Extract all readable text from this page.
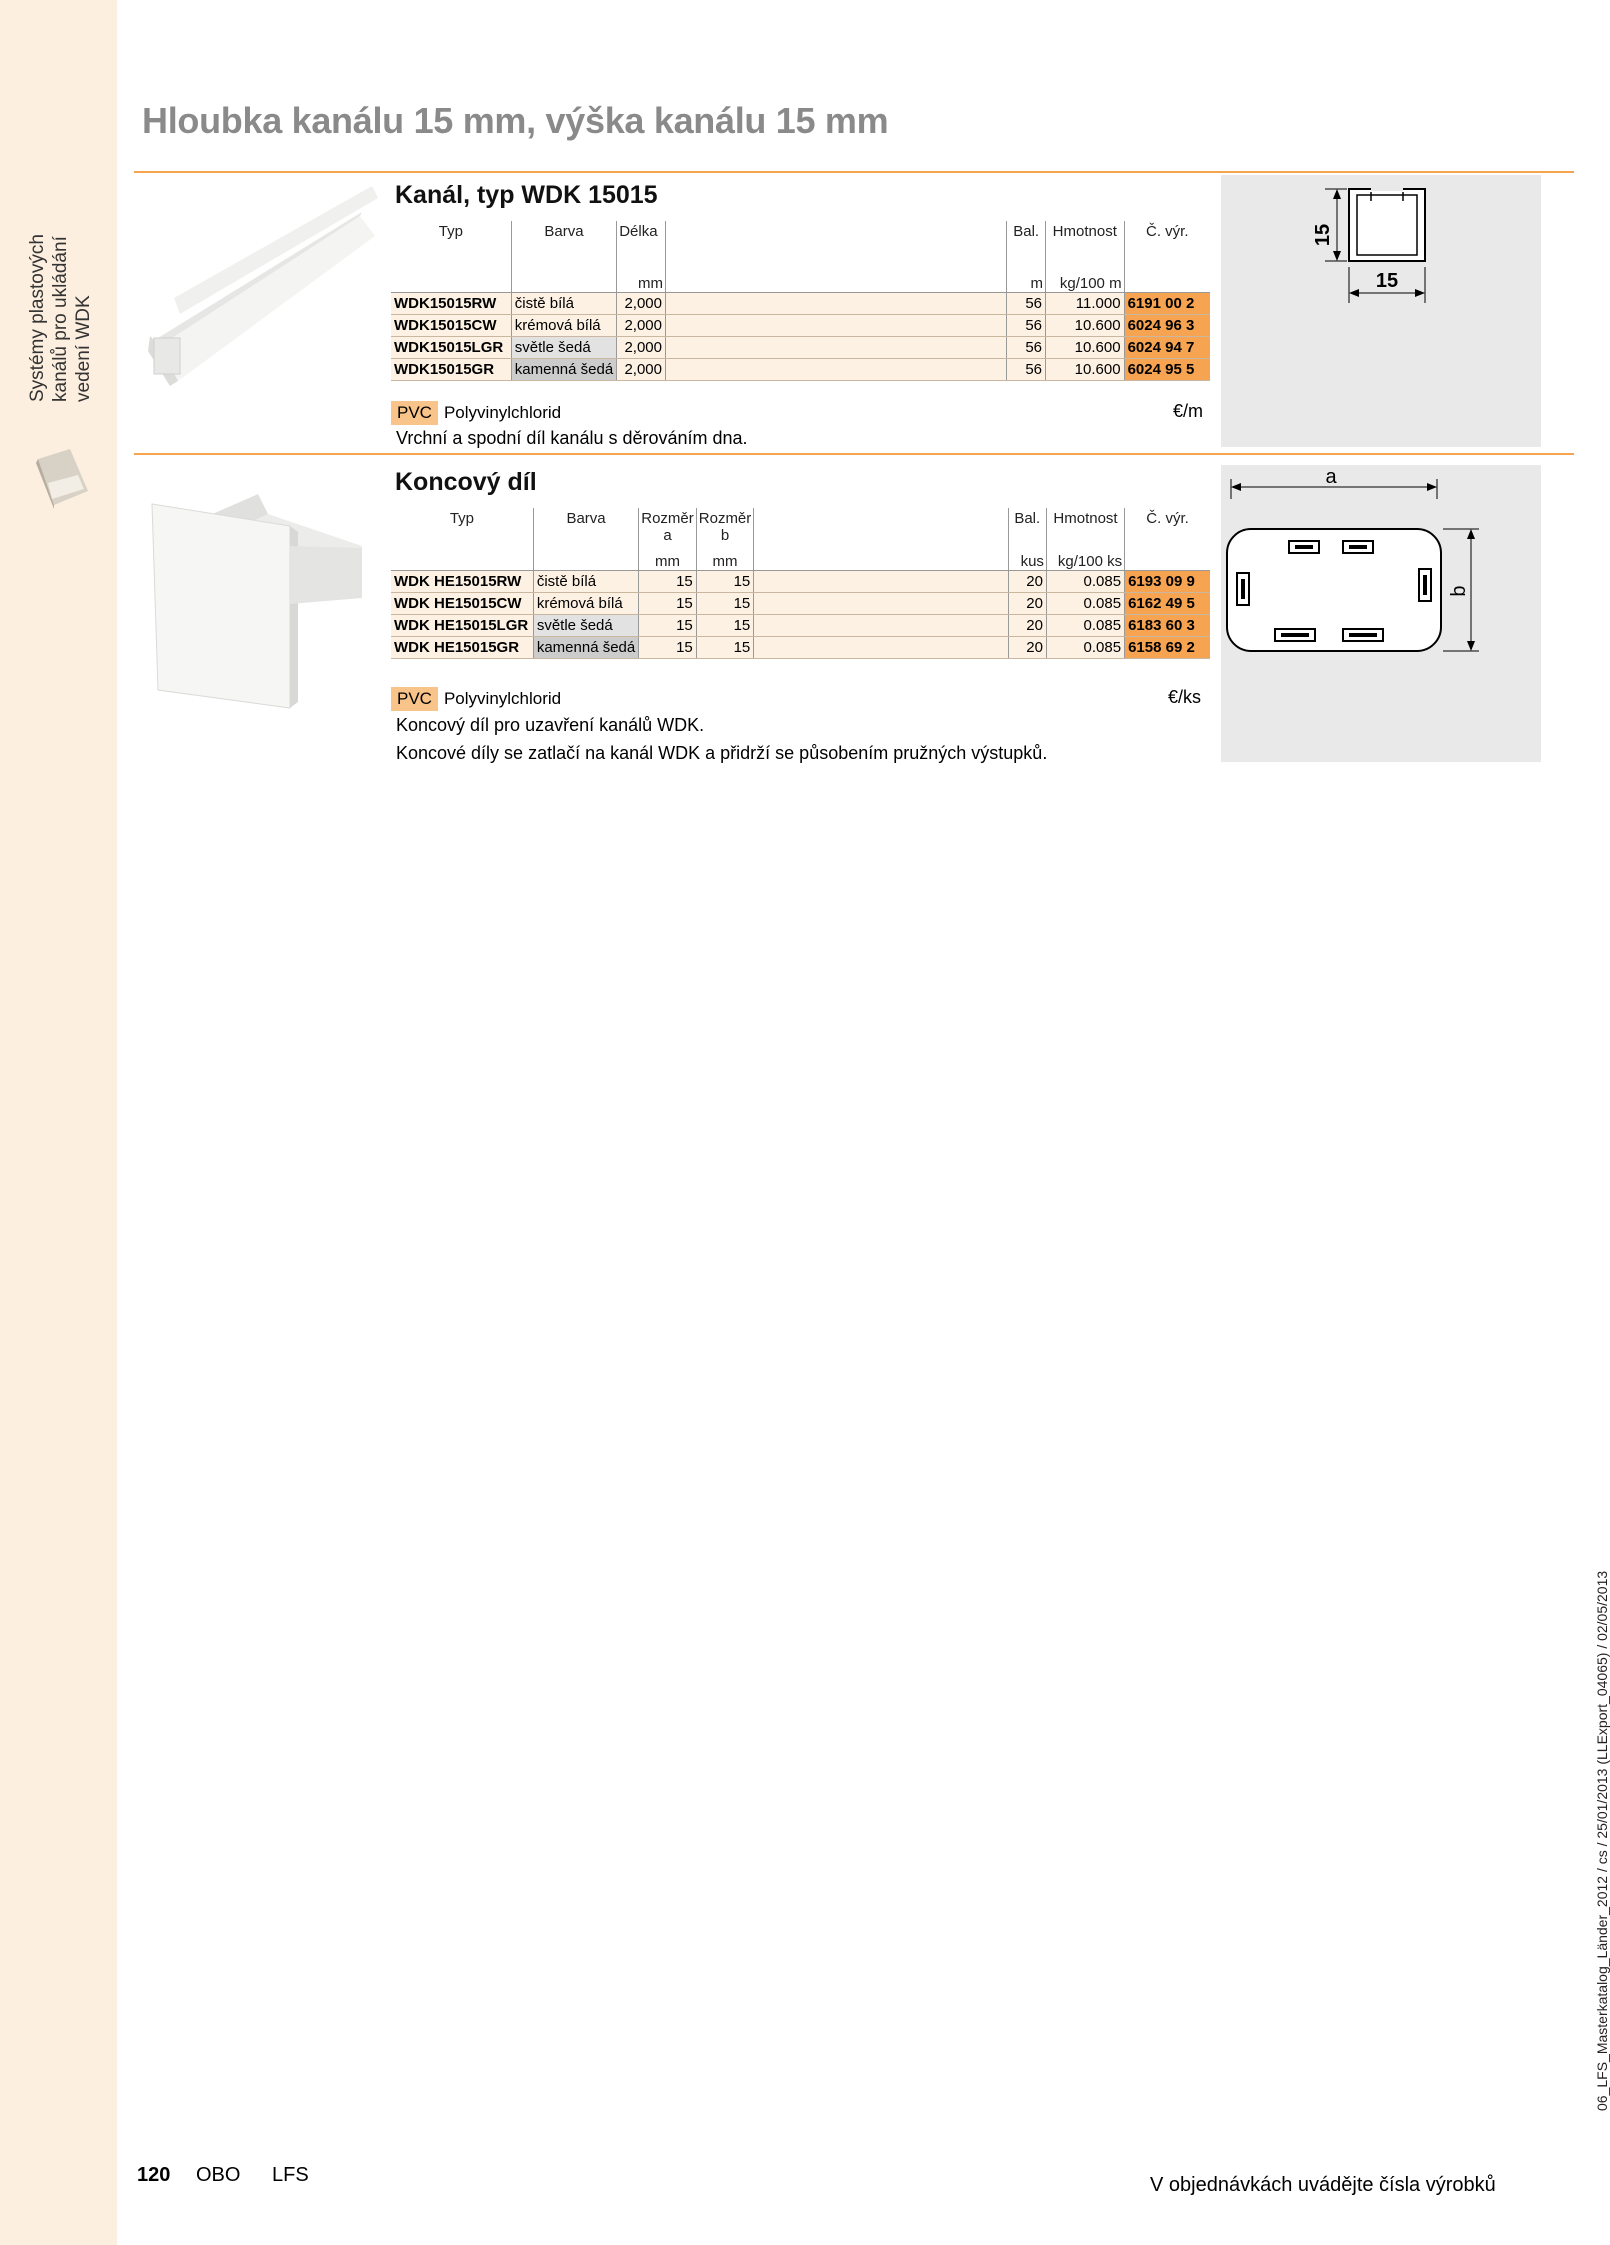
Systémy plastových kanálů pro ukládání vedení WDK
Hloubka kanálu 15 mm, výška kanálu 15 mm
Kanál, typ WDK 15015
Typ	Barva	Délka		Bal.	Hmotnost	Č. výr.
		mm		m	kg/100 m	
WDK15015RW	čistě bílá	2,000		56	11.000	6191 00 2
WDK15015CW	krémová bílá	2,000		56	10.600	6024 96 3
WDK15015LGR	světle šedá	2,000		56	10.600	6024 94 7
WDK15015GR	kamenná šedá	2,000		56	10.600	6024 95 5
PVC Polyvinylchlorid	€/m
Vrchní a spodní díl kanálu s děrováním dna.
15
15
Koncový díl
Typ	Barva	Rozměr a	Rozměr b		Bal.	Hmotnost	Č. výr.
		mm	mm		kus	kg/100 ks	
WDK HE15015RW	čistě bílá	15	15		20	0.085	6193 09 9
WDK HE15015CW	krémová bílá	15	15		20	0.085	6162 49 5
WDK HE15015LGR	světle šedá	15	15		20	0.085	6183 60 3
WDK HE15015GR	kamenná šedá	15	15		20	0.085	6158 69 2
PVC Polyvinylchlorid	€/ks
Koncový díl pro uzavření kanálů WDK.
Koncové díly se zatlačí na kanál WDK a přidrží se působením pružných výstupků.
a
b
120 OBO LFS	V objednávkách uvádějte čísla výrobků
06_LFS_Masterkatalog_Länder_2012 / cs / 25/01/2013 (LLExport_04065) / 02/05/2013
